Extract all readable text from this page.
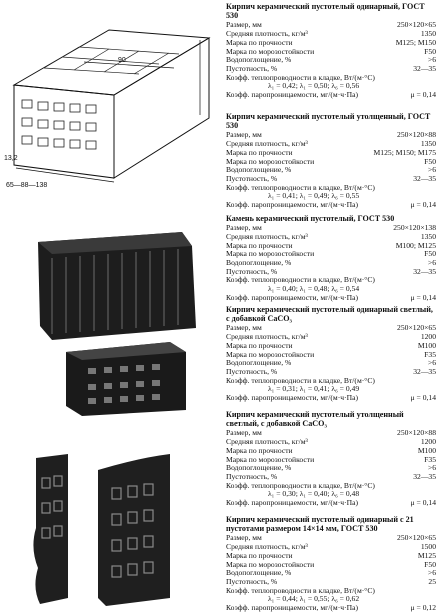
90
65—88—138
13,2
Кирпич керамический пустотелый одинарный, ГОСТ 530
Размер, мм	250×120×65
Средняя плотность, кг/м³	1350
Марка по прочности	M125; M150
Марка по морозостойкости	F50
Водопоглощение, %	>6
Пустотность, %	32—35
Коэфф. теплопроводности в кладке, Вт/(м·°С)
λ₁ = 0,42; λ₁ = 0,50; λ₆ = 0,56
Коэфф. паропроницаемости, мг/(м·ч·Па)	μ = 0,14
Кирпич керамический пустотелый утолщенный, ГОСТ 530
Размер, мм	250×120×88
Средняя плотность, кг/м³	1350
Марка по прочности	M125; M150; M175
Марка по морозостойкости	F50
Водопоглощение, %	>6
Пустотность, %	32—35
Коэфф. теплопроводности в кладке, Вт/(м·°С)
λ₁ = 0,41; λ₁ = 0,49; λ₆ = 0,55
Коэфф. паропроницаемости, мг/(м·ч·Па)	μ = 0,14
Камень керамический пустотелый, ГОСТ 530
Размер, мм	250×120×138
Средняя плотность, кг/м³	1350
Марка по прочности	M100; M125
Марка по морозостойкости	F50
Водопоглощение, %	>6
Пустотность, %	32—35
Коэфф. теплопроводности в кладке, Вт/(м·°С)
λ₁ = 0,40; λ₁ = 0,48; λ₆ = 0,54
Коэфф. паропроницаемости, мг/(м·ч·Па)	μ = 0,14
Кирпич керамический пустотелый одинарный светлый, с добавкой СаСО₃
Размер, мм	250×120×65
Средняя плотность, кг/м³	1200
Марка по прочности	M100
Марка по морозостойкости	F35
Водопоглощение, %	>6
Пустотность, %	32—35
Коэфф. теплопроводности в кладке, Вт/(м·°С)
λ₁ = 0,31; λ₁ = 0,41; λ₆ = 0,49
Коэфф. паропроницаемости, мг/(м·ч·Па)	μ = 0,14
Кирпич керамический пустотелый утолщенный светлый, с добавкой СаСО₃
Размер, мм	250×120×88
Средняя плотность, кг/м³	1200
Марка по прочности	M100
Марка по морозостойкости	F35
Водопоглощение, %	>6
Пустотность, %	32—35
Коэфф. теплопроводности в кладке, Вт/(м·°С)
λ₁ = 0,30; λ₁ = 0,40; λ₆ = 0,48
Коэфф. паропроницаемости, мг/(м·ч·Па)	μ = 0,14
Кирпич керамический пустотелый одинарный с 21 пустотами размером 14×14 мм, ГОСТ 530
Размер, мм	250×120×65
Средняя плотность, кг/м³	1500
Марка по прочности	M125
Марка по морозостойкости	F50
Водопоглощение, %	>6
Пустотность, %	25
Коэфф. теплопроводности в кладке, Вт/(м·°С)
λ₁ = 0,44; λ₁ = 0,55; λ₆ = 0,62
Коэфф. паропроницаемости, мг/(м·ч·Па)	μ = 0,12
